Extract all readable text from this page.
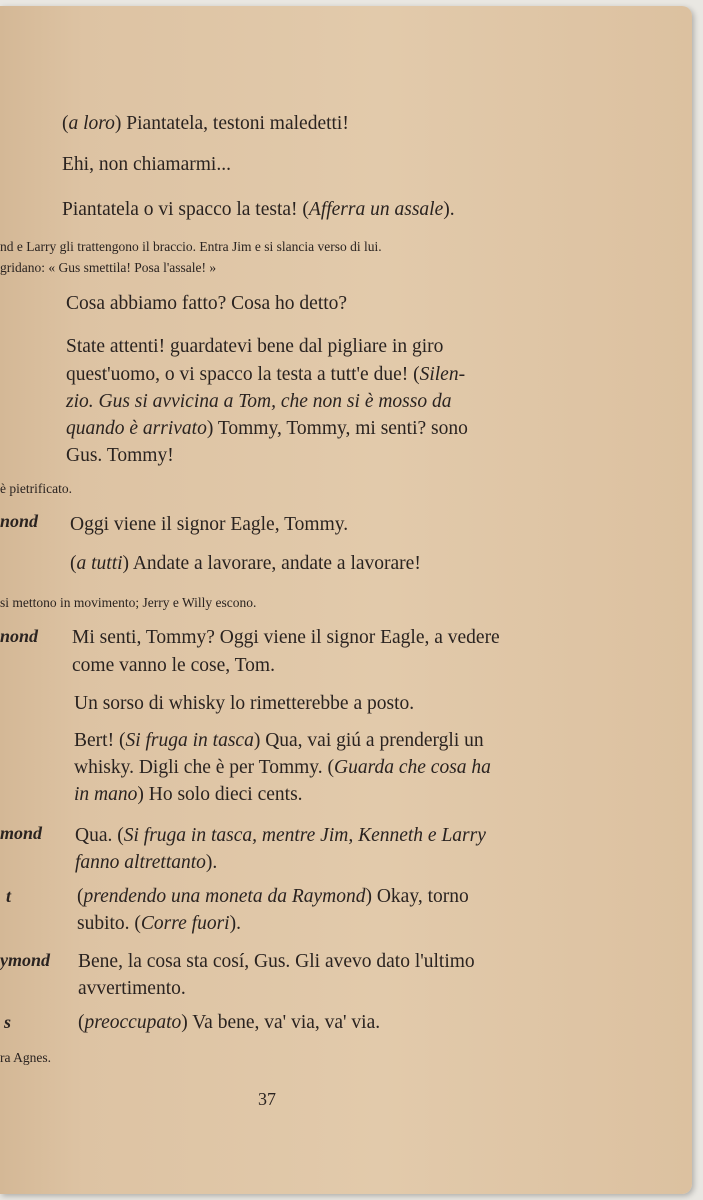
(a loro) Piantatela, testoni maledetti!

Ehi, non chiamarmi...

Piantatela o vi spacco la testa! (Afferra un assale).

nd e Larry gli trattengono il braccio. Entra Jim e si slancia verso di lui.

gridano: « Gus smettila! Posa l'assale! »

Cosa abbiamo fatto? Cosa ho detto?

State attenti! guardatevi bene dal pigliare in giro

quest'uomo, o vi spacco la testa a tutt'e due! (Silen-

zio. Gus si avvicina a Tom, che non si è mosso da

quando è arrivato) Tommy, Tommy, mi senti? sono

Gus. Tommy!

è pietrificato.

nond Oggi viene il signor Eagle, Tommy.

(a tutti) Andate a lavorare, andate a lavorare!

si mettono in movimento; Jerry e Willy escono.

nond Mi senti, Tommy? Oggi viene il signor Eagle, a vedere

come vanno le cose, Tom.

Un sorso di whisky lo rimetterebbe a posto.

Bert! (Si fruga in tasca) Qua, vai giú a prendergli un

whisky. Digli che è per Tommy. (Guarda che cosa ha

in mano) Ho solo dieci cents.

mond Qua. (Si fruga in tasca, mentre Jim, Kenneth e Larry

fanno altrettanto).

t	(prendendo una moneta da Raymond) Okay, torno

subito. (Corre fuori).

ymond Bene, la cosa sta cosí, Gus. Gli avevo dato l'ultimo

avvertimento.

s	(preoccupato) Va bene, va' via, va' via.

ra Agnes.

37
